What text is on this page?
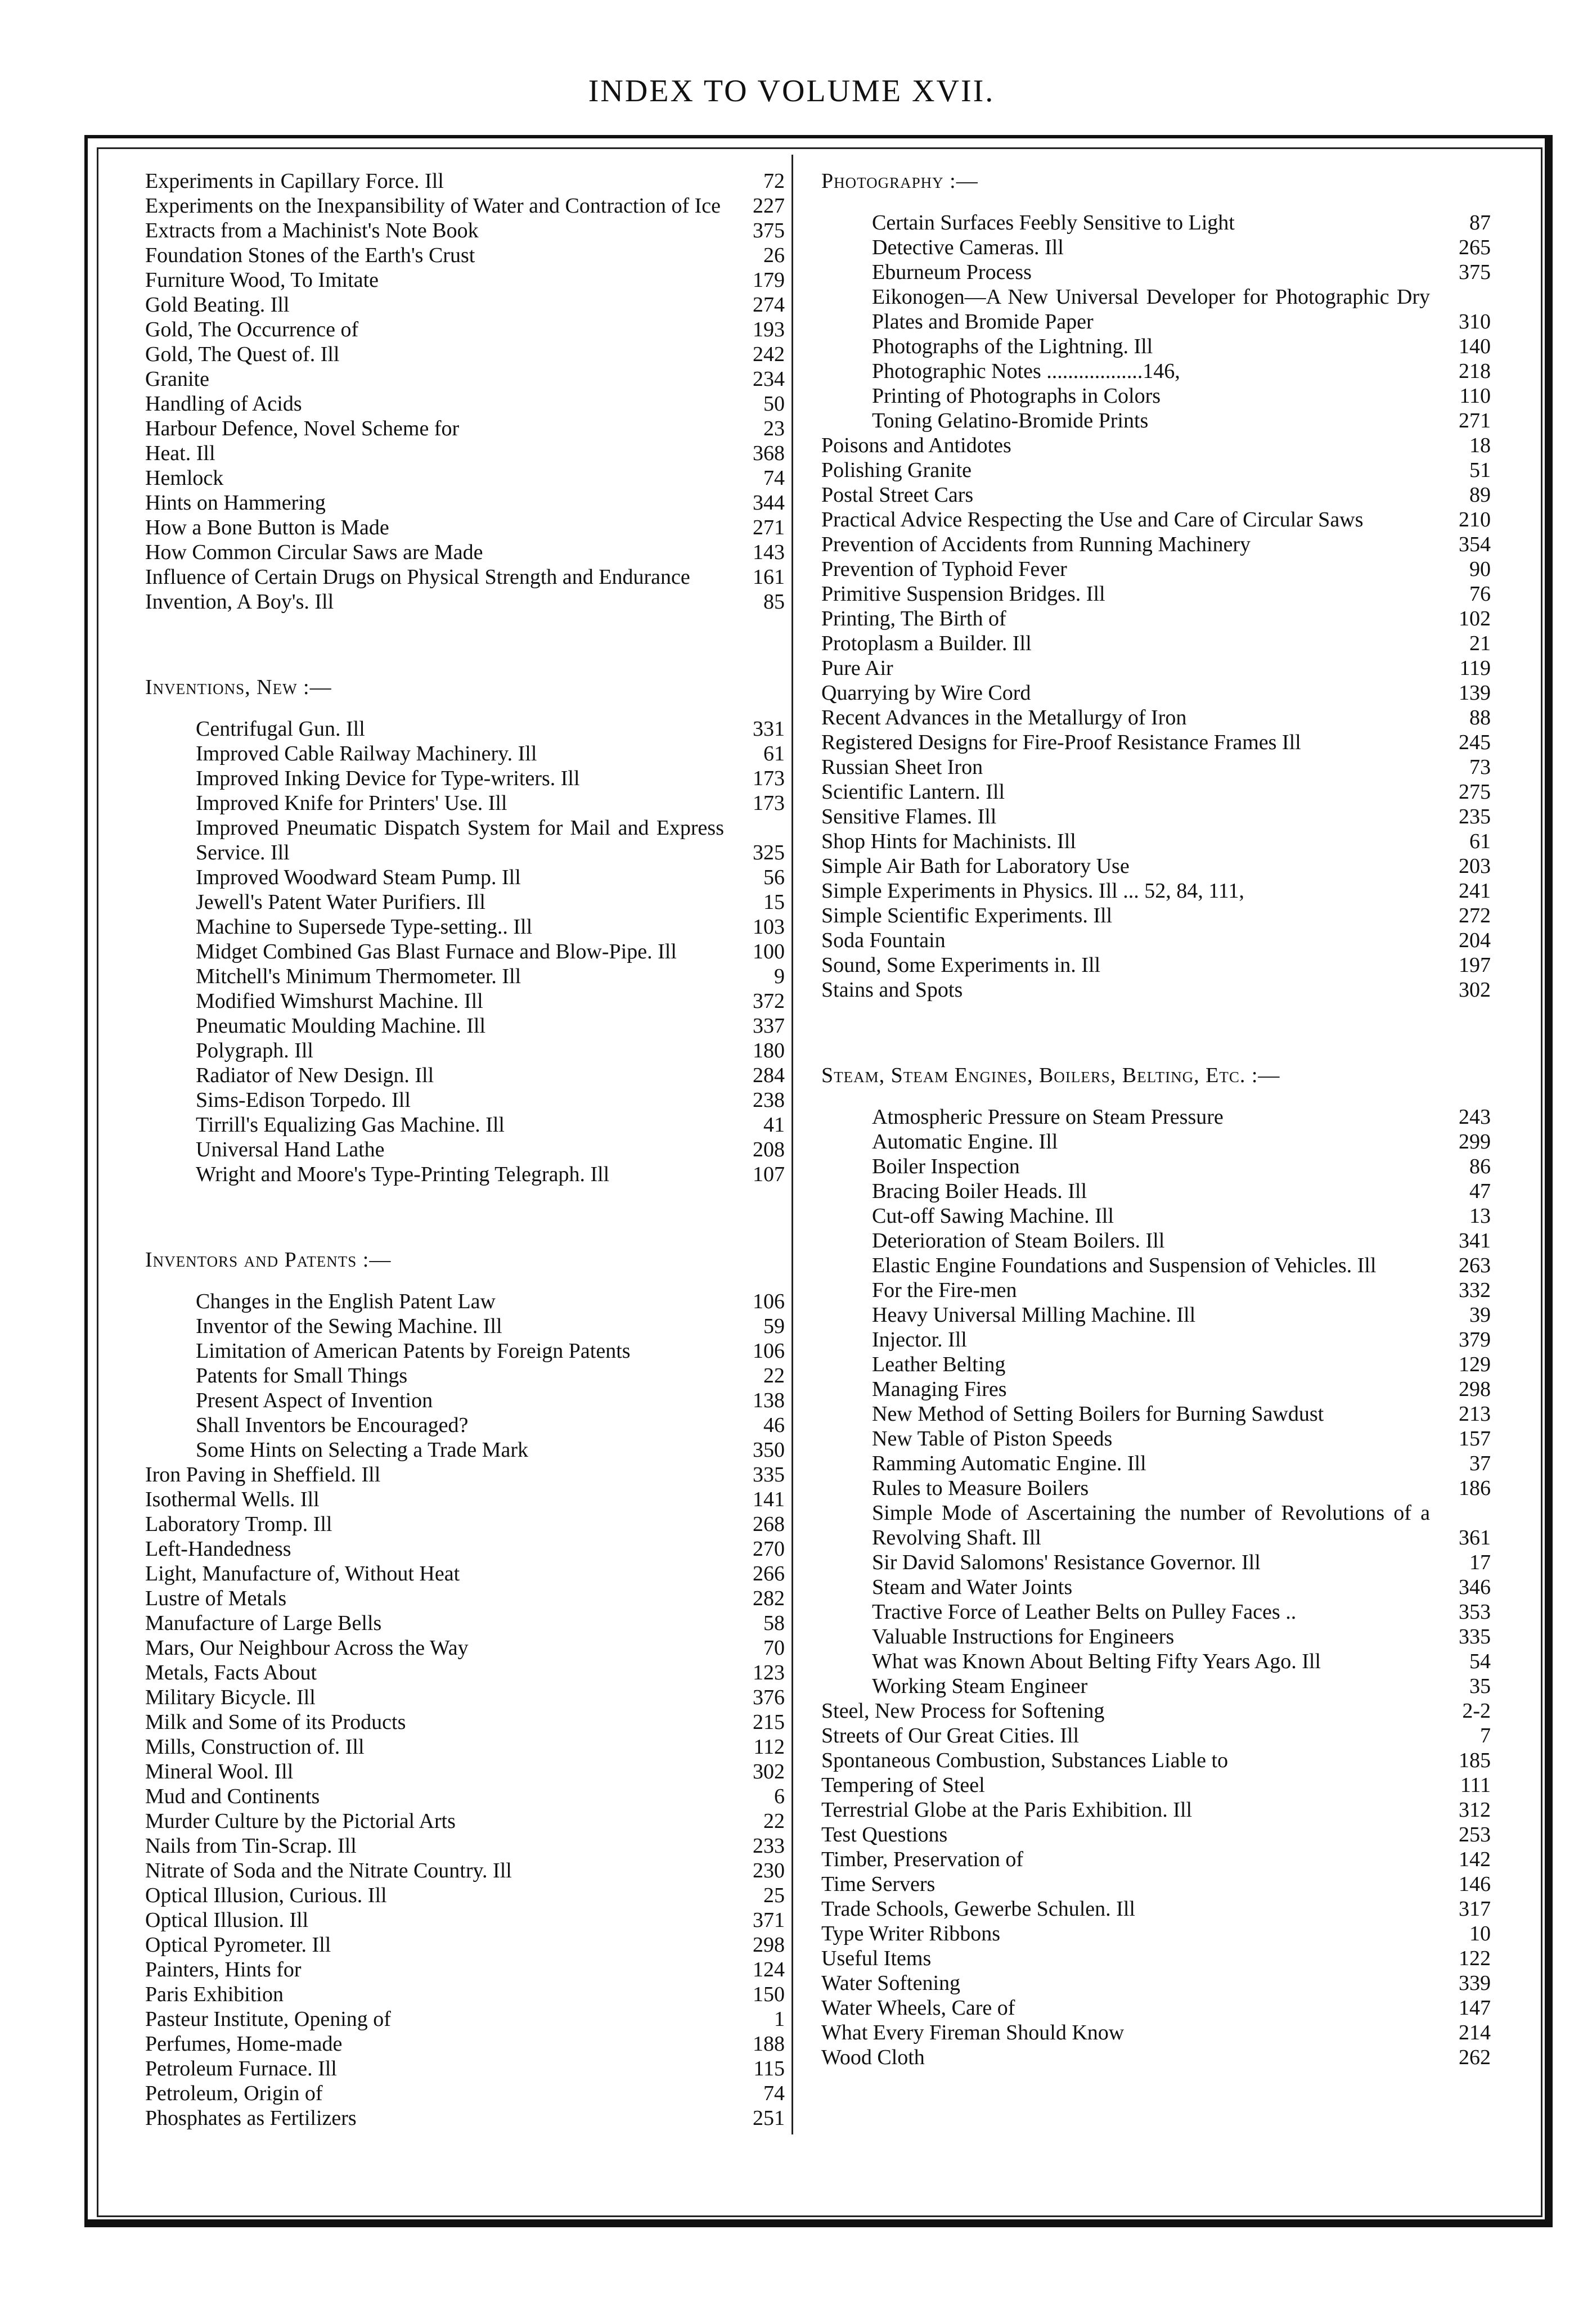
INDEX TO VOLUME XVII.
Experiments in Capillary Force. Ill	72
Experiments on the Inexpansibility of Water and Contraction of Ice	227
Extracts from a Machinist's Note Book	375
Foundation Stones of the Earth's Crust	26
Furniture Wood, To Imitate	179
Gold Beating. Ill	274
Gold, The Occurrence of	193
Gold, The Quest of. Ill	242
Granite	234
Handling of Acids	50
Harbour Defence, Novel Scheme for	23
Heat. Ill	368
Hemlock	74
Hints on Hammering	344
How a Bone Button is Made	271
How Common Circular Saws are Made	143
Influence of Certain Drugs on Physical Strength and Endurance	161
Invention, A Boy's. Ill	85
Inventions, New :—
Centrifugal Gun. Ill	331
Improved Cable Railway Machinery. Ill	61
Improved Inking Device for Type-writers. Ill	173
Improved Knife for Printers' Use. Ill	173
Improved Pneumatic Dispatch System for Mail and Express Service. Ill	325
Improved Woodward Steam Pump. Ill	56
Jewell's Patent Water Purifiers. Ill	15
Machine to Supersede Type-setting.. Ill	103
Midget Combined Gas Blast Furnace and Blow-Pipe. Ill	100
Mitchell's Minimum Thermometer. Ill	9
Modified Wimshurst Machine. Ill	372
Pneumatic Moulding Machine. Ill	337
Polygraph. Ill	180
Radiator of New Design. Ill	284
Sims-Edison Torpedo. Ill	238
Tirrill's Equalizing Gas Machine. Ill	41
Universal Hand Lathe	208
Wright and Moore's Type-Printing Telegraph. Ill	107
Inventors and Patents :—
Changes in the English Patent Law	106
Inventor of the Sewing Machine. Ill	59
Limitation of American Patents by Foreign Patents	106
Patents for Small Things	22
Present Aspect of Invention	138
Shall Inventors be Encouraged?	46
Some Hints on Selecting a Trade Mark	350
Iron Paving in Sheffield. Ill	335
Isothermal Wells. Ill	141
Laboratory Tromp. Ill	268
Left-Handedness	270
Light, Manufacture of, Without Heat	266
Lustre of Metals	282
Manufacture of Large Bells	58
Mars, Our Neighbour Across the Way	70
Metals, Facts About	123
Military Bicycle. Ill	376
Milk and Some of its Products	215
Mills, Construction of. Ill	112
Mineral Wool. Ill	302
Mud and Continents	6
Murder Culture by the Pictorial Arts	22
Nails from Tin-Scrap. Ill	233
Nitrate of Soda and the Nitrate Country. Ill	230
Optical Illusion, Curious. Ill	25
Optical Illusion. Ill	371
Optical Pyrometer. Ill	298
Painters, Hints for	124
Paris Exhibition	150
Pasteur Institute, Opening of	1
Perfumes, Home-made	188
Petroleum Furnace. Ill	115
Petroleum, Origin of	74
Phosphates as Fertilizers	251
Photography :—
Certain Surfaces Feebly Sensitive to Light	87
Detective Cameras. Ill	265
Eburneum Process	375
Eikonogen—A New Universal Developer for Photographic Dry Plates and Bromide Paper	310
Photographs of the Lightning. Ill	140
Photographic Notes ..................146,	218
Printing of Photographs in Colors	110
Toning Gelatino-Bromide Prints	271
Poisons and Antidotes	18
Polishing Granite	51
Postal Street Cars	89
Practical Advice Respecting the Use and Care of Circular Saws	210
Prevention of Accidents from Running Machinery	354
Prevention of Typhoid Fever	90
Primitive Suspension Bridges. Ill	76
Printing, The Birth of	102
Protoplasm a Builder. Ill	21
Pure Air	119
Quarrying by Wire Cord	139
Recent Advances in the Metallurgy of Iron	88
Registered Designs for Fire-Proof Resistance Frames Ill	245
Russian Sheet Iron	73
Scientific Lantern. Ill	275
Sensitive Flames. Ill	235
Shop Hints for Machinists. Ill	61
Simple Air Bath for Laboratory Use	203
Simple Experiments in Physics. Ill ... 52, 84, 111,	241
Simple Scientific Experiments. Ill	272
Soda Fountain	204
Sound, Some Experiments in. Ill	197
Stains and Spots	302
Steam, Steam Engines, Boilers, Belting, Etc. :—
Atmospheric Pressure on Steam Pressure	243
Automatic Engine. Ill	299
Boiler Inspection	86
Bracing Boiler Heads. Ill	47
Cut-off Sawing Machine. Ill	13
Deterioration of Steam Boilers. Ill	341
Elastic Engine Foundations and Suspension of Vehicles. Ill	263
For the Fire-men	332
Heavy Universal Milling Machine. Ill	39
Injector. Ill	379
Leather Belting	129
Managing Fires	298
New Method of Setting Boilers for Burning Sawdust	213
New Table of Piston Speeds	157
Ramming Automatic Engine. Ill	37
Rules to Measure Boilers	186
Simple Mode of Ascertaining the number of Revolutions of a Revolving Shaft. Ill	361
Sir David Salomons' Resistance Governor. Ill	17
Steam and Water Joints	346
Tractive Force of Leather Belts on Pulley Faces ..	353
Valuable Instructions for Engineers	335
What was Known About Belting Fifty Years Ago. Ill	54
Working Steam Engineer	35
Steel, New Process for Softening	2-2
Streets of Our Great Cities. Ill	7
Spontaneous Combustion, Substances Liable to	185
Tempering of Steel	111
Terrestrial Globe at the Paris Exhibition. Ill	312
Test Questions	253
Timber, Preservation of	142
Time Servers	146
Trade Schools, Gewerbe Schulen. Ill	317
Type Writer Ribbons	10
Useful Items	122
Water Softening	339
Water Wheels, Care of	147
What Every Fireman Should Know	214
Wood Cloth	262
